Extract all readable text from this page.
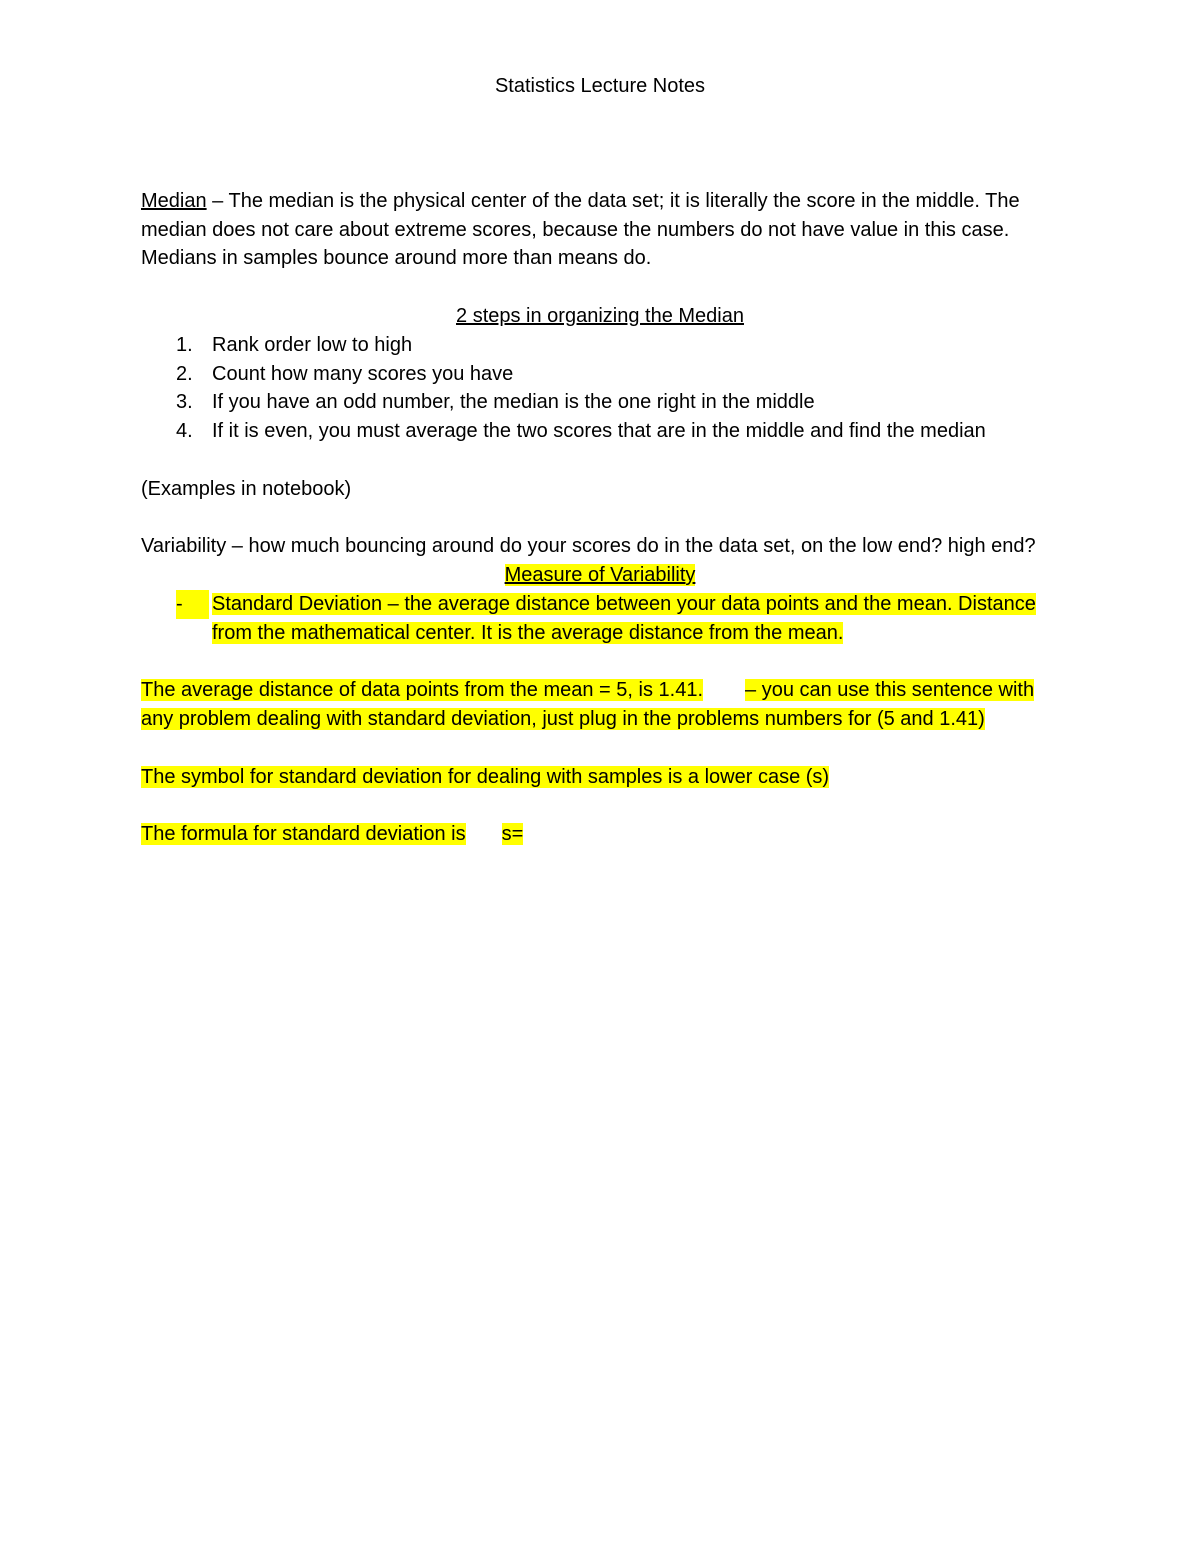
Statistics Lecture Notes

Median – The median is the physical center of the data set; it is literally the score in the middle. The median does not care about extreme scores, because the numbers do not have value in this case. Medians in samples bounce around more than means do.

2 steps in organizing the Median

1. Rank order low to high
2. Count how many scores you have
3. If you have an odd number, the median is the one right in the middle
4. If it is even, you must average the two scores that are in the middle and find the median

(Examples in notebook)

Variability – how much bouncing around do your scores do in the data set, on the low end? high end?

Measure of Variability

-	Standard Deviation – the average distance between your data points and the mean. Distance from the mathematical center. It is the average distance from the mean.

The average distance of data points from the mean = 5, is 1.41. – you can use this sentence with any problem dealing with standard deviation, just plug in the problems numbers for (5 and 1.41)

The symbol for standard deviation for dealing with samples is a lower case (s)

The formula for standard deviation is s=
